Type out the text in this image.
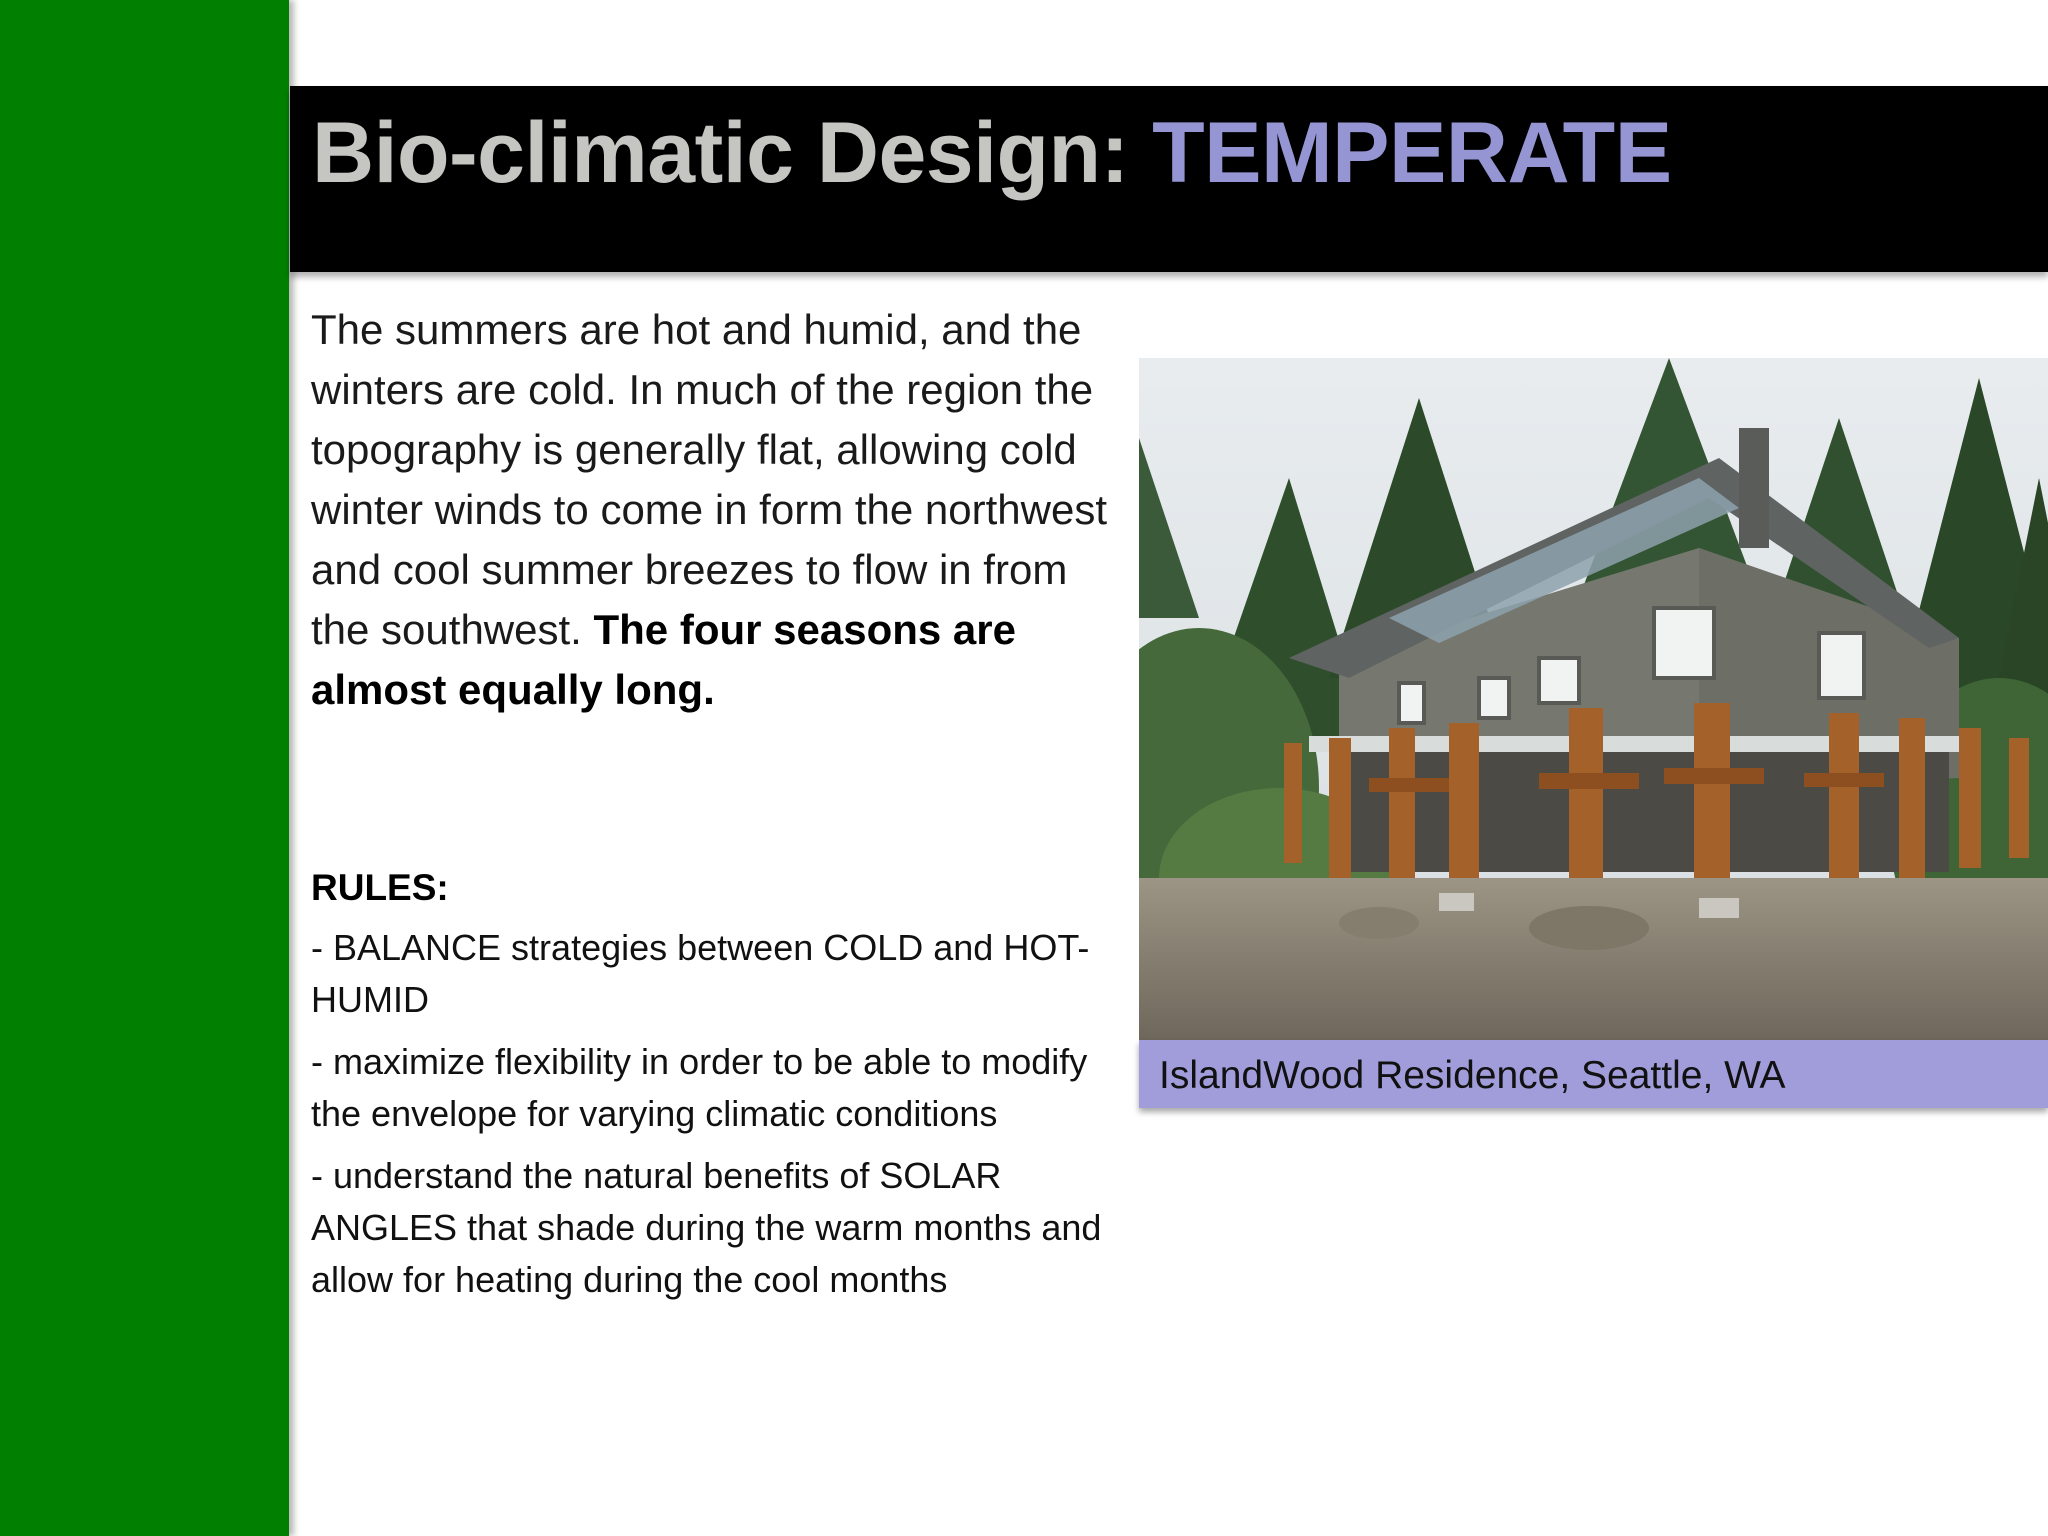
Bio-climatic Design: TEMPERATE
The summers are hot and humid, and the winters are cold. In much of the region the topography is generally flat, allowing cold winter winds to come in form the northwest and cool summer breezes to flow in from the southwest. The four seasons are almost equally long.
RULES:
- BALANCE strategies between COLD and HOT-HUMID
- maximize flexibility in order to be able to modify the envelope for varying climatic conditions
- understand the natural benefits of SOLAR ANGLES that shade during the warm months and allow for heating during the cool months
IslandWood Residence, Seattle, WA
